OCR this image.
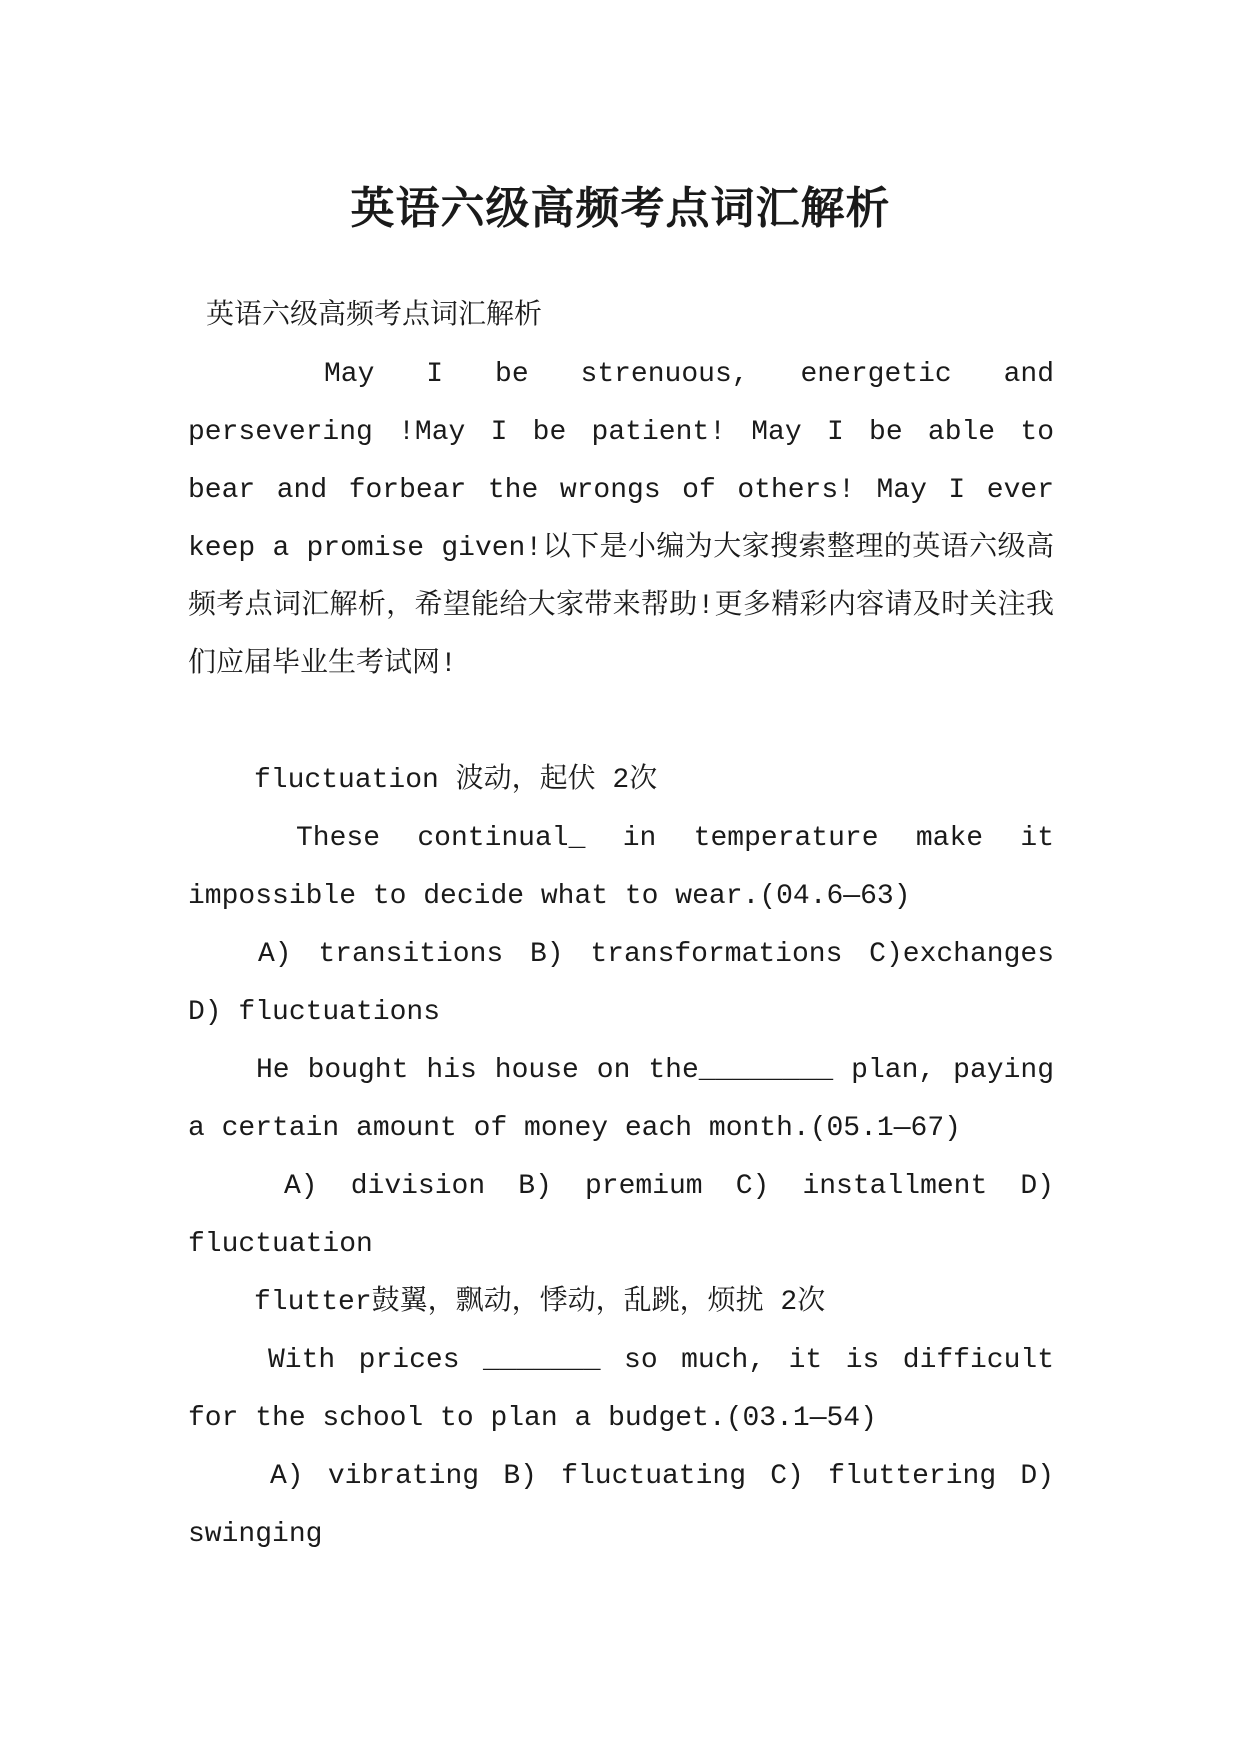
英语六级高频考点词汇解析

英语六级高频考点词汇解析

May I be strenuous, energetic and persevering !May I be patient! May I be able to bear and forbear the wrongs of others! May I ever keep a promise given!以下是小编为大家搜索整理的英语六级高频考点词汇解析，希望能给大家带来帮助!更多精彩内容请及时关注我们应届毕业生考试网!

fluctuation 波动，起伏 2次

These continual_ in temperature make it impossible to decide what to wear.(04.6—63)

A) transitions B) transformations C)exchanges D) fluctuations

He bought his house on the________ plan, paying a certain amount of money each month.(05.1—67)

A) division B) premium C) installment D) fluctuation

flutter鼓翼，飘动，悸动，乱跳，烦扰 2次

With prices _______ so much, it is difficult for the school to plan a budget.(03.1—54)

A) vibrating B) fluctuating C) fluttering D) swinging
